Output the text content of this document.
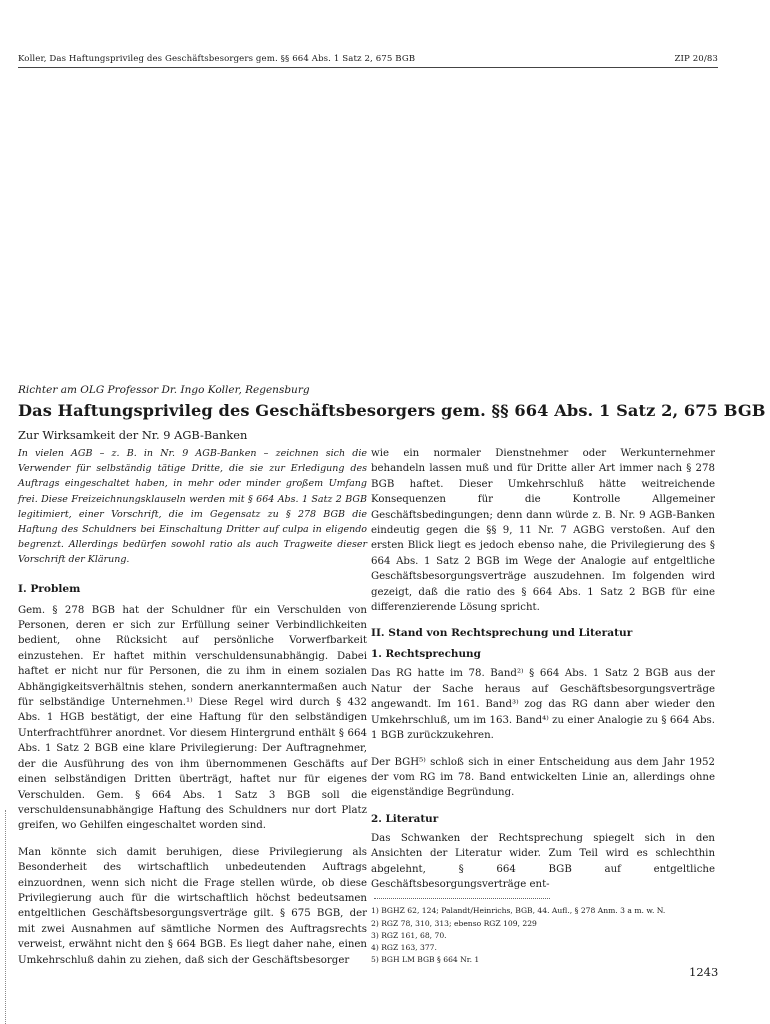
Koller, Das Haftungsprivileg des Geschäftsbesorgers gem. §§ 664 Abs. 1 Satz 2, 675 BGB	ZIP 20/83
Richter am OLG Professor Dr. Ingo Koller, Regensburg
Das Haftungsprivileg des Geschäftsbesorgers gem. §§ 664 Abs. 1 Satz 2, 675 BGB
Zur Wirksamkeit der Nr. 9 AGB-Banken

In vielen AGB – z. B. in Nr. 9 AGB-Banken – zeichnen sich die Verwender für selbständig tätige Dritte, die sie zur Erledigung des Auftrags eingeschaltet haben, in mehr oder minder großem Umfang frei. Diese Freizeichnungsklauseln werden mit § 664 Abs. 1 Satz 2 BGB legitimiert, einer Vorschrift, die im Gegensatz zu § 278 BGB die Haftung des Schuldners bei Einschaltung Dritter auf culpa in eligendo begrenzt. Allerdings bedürfen sowohl ratio als auch Tragweite dieser Vorschrift der Klärung.

I. Problem

Gem. § 278 BGB hat der Schuldner für ein Verschulden von Personen, deren er sich zur Erfüllung seiner Verbindlichkeiten bedient, ohne Rücksicht auf persönliche Vorwerfbarkeit einzustehen. Er haftet mithin verschuldensunabhängig. Dabei haftet er nicht nur für Personen, die zu ihm in einem sozialen Abhängigkeitsverhältnis stehen, sondern anerkanntermaßen auch für selbständige Unternehmen.¹⁾ Diese Regel wird durch § 432 Abs. 1 HGB bestätigt, der eine Haftung für den selbständigen Unterfrachtführer anordnet. Vor diesem Hintergrund enthält § 664 Abs. 1 Satz 2 BGB eine klare Privilegierung: Der Auftragnehmer, der die Ausführung des von ihm übernommenen Geschäfts auf einen selbständigen Dritten überträgt, haftet nur für eigenes Verschulden. Gem. § 664 Abs. 1 Satz 3 BGB soll die verschuldensunabhängige Haftung des Schuldners nur dort Platz greifen, wo Gehilfen eingeschaltet worden sind.

Man könnte sich damit beruhigen, diese Privilegierung als Besonderheit des wirtschaftlich unbedeutenden Auftrags einzuordnen, wenn sich nicht die Frage stellen würde, ob diese Privilegierung auch für die wirtschaftlich höchst bedeutsamen entgeltlichen Geschäftsbesorgungsverträge gilt. § 675 BGB, der mit zwei Ausnahmen auf sämtliche Normen des Auftragsrechts verweist, erwähnt nicht den § 664 BGB. Es liegt daher nahe, einen Umkehrschluß dahin zu ziehen, daß sich der Geschäftsbesorger

wie ein normaler Dienstnehmer oder Werkunternehmer behandeln lassen muß und für Dritte aller Art immer nach § 278 BGB haftet. Dieser Umkehrschluß hätte weitreichende Konsequenzen für die Kontrolle Allgemeiner Geschäftsbedingungen; denn dann würde z. B. Nr. 9 AGB-Banken eindeutig gegen die §§ 9, 11 Nr. 7 AGBG verstoßen. Auf den ersten Blick liegt es jedoch ebenso nahe, die Privilegierung des § 664 Abs. 1 Satz 2 BGB im Wege der Analogie auf entgeltliche Geschäftsbesorgungsverträge auszudehnen. Im folgenden wird gezeigt, daß die ratio des § 664 Abs. 1 Satz 2 BGB für eine differenzierende Lösung spricht.

II. Stand von Rechtsprechung und Literatur
1. Rechtsprechung

Das RG hatte im 78. Band²⁾ § 664 Abs. 1 Satz 2 BGB aus der Natur der Sache heraus auf Geschäftsbesorgungsverträge angewandt. Im 161. Band³⁾ zog das RG dann aber wieder den Umkehrschluß, um im 163. Band⁴⁾ zu einer Analogie zu § 664 Abs. 1 BGB zurückzukehren.

Der BGH⁵⁾ schloß sich in einer Entscheidung aus dem Jahr 1952 der vom RG im 78. Band entwickelten Linie an, allerdings ohne eigenständige Begründung.

2. Literatur

Das Schwanken der Rechtsprechung spiegelt sich in den Ansichten der Literatur wider. Zum Teil wird es schlechthin abgelehnt, § 664 BGB auf entgeltliche Geschäftsbesorgungsverträge ent-

1) BGHZ 62, 124; Palandt/Heinrichs, BGB, 44. Aufl., § 278 Anm. 3 a m. w. N.
2) RGZ 78, 310, 313; ebenso RGZ 109, 229
3) RGZ 161, 68, 70.
4) RGZ 163, 377.
5) BGH LM BGB § 664 Nr. 1
1243
